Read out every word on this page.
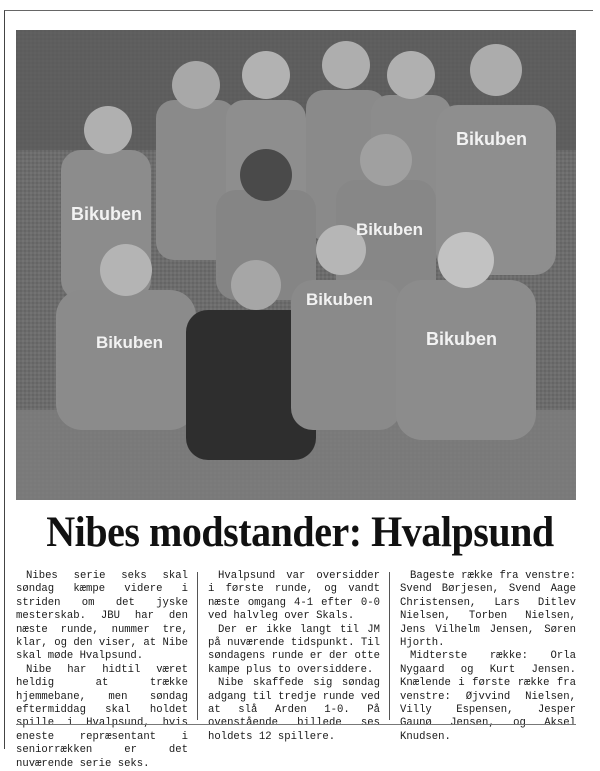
Bikuben
Bikuben
Bikuben
Bikuben
Bikuben
Bikuben
Nibes modstander: Hvalpsund

Nibes serie seks skal søndag kæmpe videre i striden om det jyske mesterskab. JBU har den næste runde, nummer tre, klar, og den viser, at Nibe skal møde Hvalpsund.

Nibe har hidtil været heldig at trække hjemmebane, men søndag eftermiddag skal holdet eneste repræsentant i seniorrækken er det nuværende serie seks.

Hvalpsund var oversidder i første runde, og vandt næste omgang 4-1 efter 0-0 ved halvleg over Skals.

Der er ikke langt til JM på nuværende tidspunkt. Til søndagens runde er der otte kampe plus to oversiddere.

Nibe skaffede sig søndag adgang til tredje runde ved at slå Arden 1-0. På holdets 12 spillere.

Bageste række fra venstre: Svend Børjesen, Svend Aage Christensen, Lars Ditlev Nielsen, Torben Nielsen, Jens Vilhelm Jensen, Søren Hjorth.

Midterste række: Orla Nygaard og Kurt Jensen. Knælende i første række fra venstre: Øjvvind Nielsen, Villy Espensen, Jesper Knudsen.
